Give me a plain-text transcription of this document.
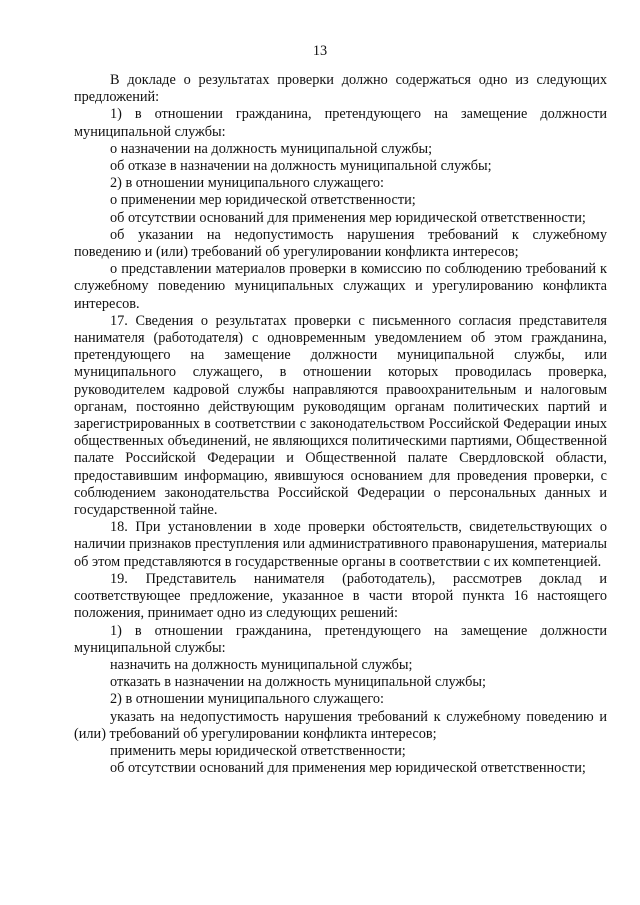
13

В докладе о результатах проверки должно содержаться одно из следующих предложений:

1) в отношении гражданина, претендующего на замещение должности муниципальной службы:

о назначении на должность муниципальной службы;

об отказе в назначении на должность муниципальной службы;

2) в отношении муниципального служащего:

о применении мер юридической ответственности;

об отсутствии оснований для применения мер юридической ответственности;

об указании на недопустимость нарушения требований к служебному поведению и (или) требований об урегулировании конфликта интересов;

о представлении материалов проверки в комиссию по соблюдению требований к служебному поведению муниципальных служащих и урегулированию конфликта интересов.

17. Сведения о результатах проверки с письменного согласия представителя нанимателя (работодателя) с одновременным уведомлением об этом гражданина, претендующего на замещение должности муниципальной службы, или муниципального служащего, в отношении которых проводилась проверка, руководителем кадровой службы направляются правоохранительным и налоговым органам, постоянно действующим руководящим органам политических партий и зарегистрированных в соответствии с законодательством Российской Федерации иных общественных объединений, не являющихся политическими партиями, Общественной палате Российской Федерации и Общественной палате Свердловской области, предоставившим информацию, явившуюся основанием для проведения проверки, с соблюдением законодательства Российской Федерации о персональных данных и государственной тайне.

18. При установлении в ходе проверки обстоятельств, свидетельствующих о наличии признаков преступления или административного правонарушения, материалы об этом представляются в государственные органы в соответствии с их компетенцией.

19. Представитель нанимателя (работодатель), рассмотрев доклад и соответствующее предложение, указанное в части второй пункта 16 настоящего положения, принимает одно из следующих решений:

1) в отношении гражданина, претендующего на замещение должности муниципальной службы:

назначить на должность муниципальной службы;

отказать в назначении на должность муниципальной службы;

2) в отношении муниципального служащего:

указать на недопустимость нарушения требований к служебному поведению и (или) требований об урегулировании конфликта интересов;

применить меры юридической ответственности;

об отсутствии оснований для применения мер юридической ответственности;
